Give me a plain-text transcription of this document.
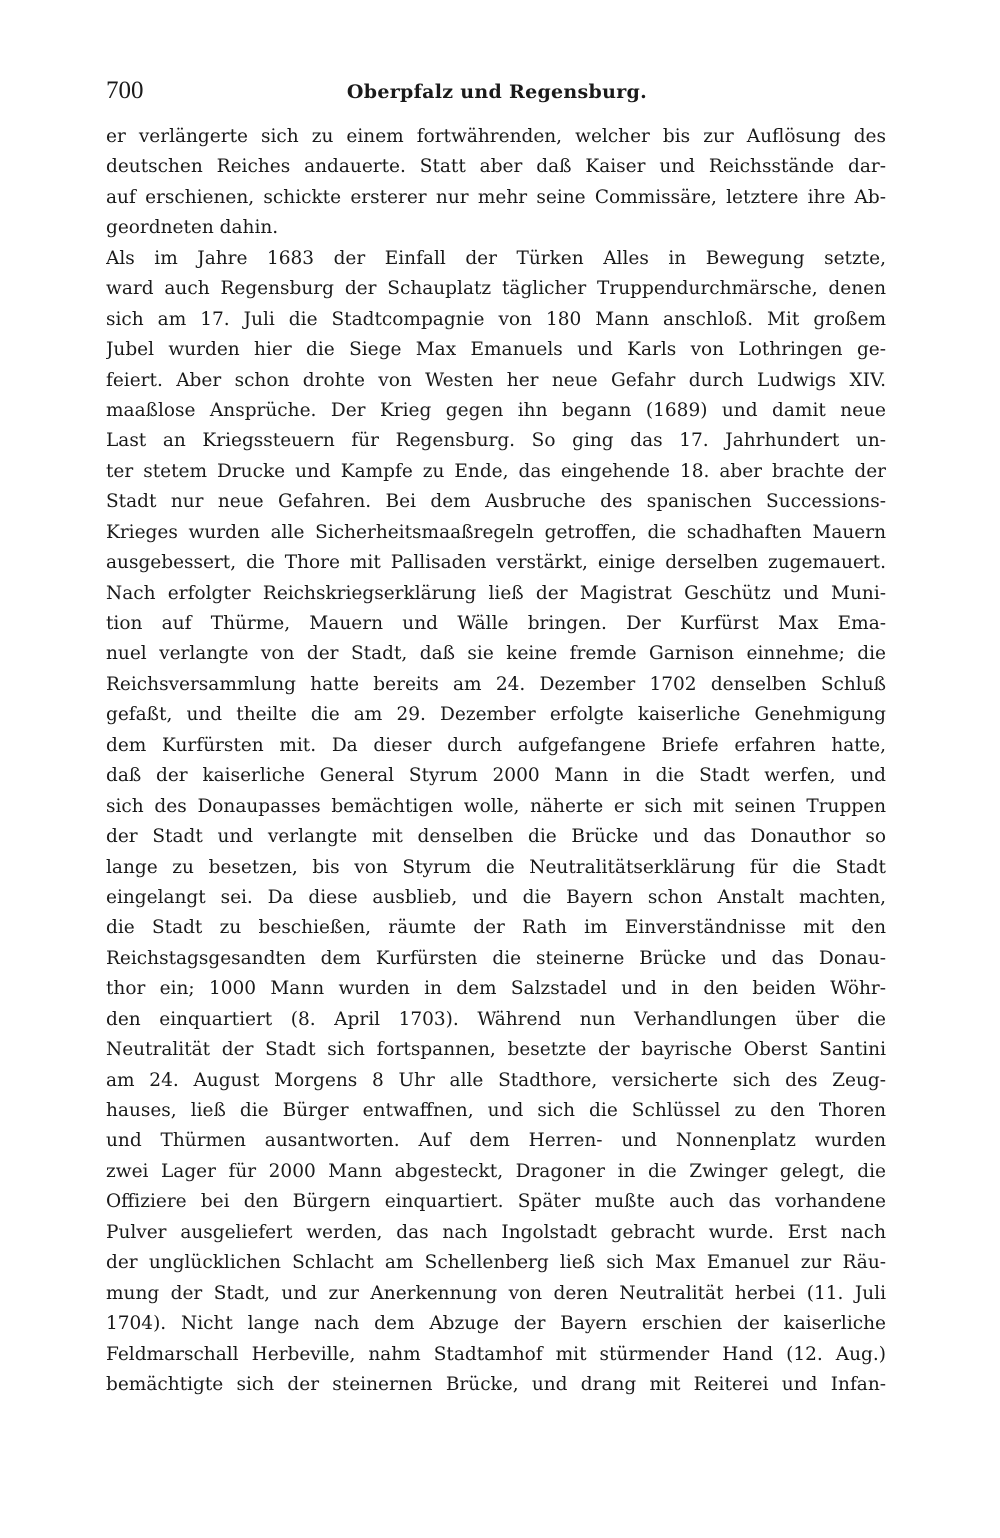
700	Oberpfalz und Regensburg.
er verlängerte sich zu einem fortwährenden, welcher bis zur Auflösung des
deutschen Reiches andauerte. Statt aber daß Kaiser und Reichsstände dar-
auf erschienen, schickte ersterer nur mehr seine Commissäre, letztere ihre Ab-
geordneten dahin.
Als im Jahre 1683 der Einfall der Türken Alles in Bewegung setzte,
ward auch Regensburg der Schauplatz täglicher Truppendurchmärsche, denen
sich am 17. Juli die Stadtcompagnie von 180 Mann anschloß. Mit großem
Jubel wurden hier die Siege Max Emanuels und Karls von Lothringen ge-
feiert. Aber schon drohte von Westen her neue Gefahr durch Ludwigs XIV.
maaßlose Ansprüche. Der Krieg gegen ihn begann (1689) und damit neue
Last an Kriegssteuern für Regensburg. So ging das 17. Jahrhundert un-
ter stetem Drucke und Kampfe zu Ende, das eingehende 18. aber brachte der
Stadt nur neue Gefahren. Bei dem Ausbruche des spanischen Successions-
Krieges wurden alle Sicherheitsmaaßregeln getroffen, die schadhaften Mauern
ausgebessert, die Thore mit Pallisaden verstärkt, einige derselben zugemauert.
Nach erfolgter Reichskriegserklärung ließ der Magistrat Geschütz und Muni-
tion auf Thürme, Mauern und Wälle bringen. Der Kurfürst Max Ema-
nuel verlangte von der Stadt, daß sie keine fremde Garnison einnehme; die
Reichsversammlung hatte bereits am 24. Dezember 1702 denselben Schluß
gefaßt, und theilte die am 29. Dezember erfolgte kaiserliche Genehmigung
dem Kurfürsten mit. Da dieser durch aufgefangene Briefe erfahren hatte,
daß der kaiserliche General Styrum 2000 Mann in die Stadt werfen, und
sich des Donaupasses bemächtigen wolle, näherte er sich mit seinen Truppen
der Stadt und verlangte mit denselben die Brücke und das Donauthor so
lange zu besetzen, bis von Styrum die Neutralitätserklärung für die Stadt
eingelangt sei. Da diese ausblieb, und die Bayern schon Anstalt machten,
die Stadt zu beschießen, räumte der Rath im Einverständnisse mit den
Reichstagsgesandten dem Kurfürsten die steinerne Brücke und das Donau-
thor ein; 1000 Mann wurden in dem Salzstadel und in den beiden Wöhr-
den einquartiert (8. April 1703). Während nun Verhandlungen über die
Neutralität der Stadt sich fortspannen, besetzte der bayrische Oberst Santini
am 24. August Morgens 8 Uhr alle Stadthore, versicherte sich des Zeug-
hauses, ließ die Bürger entwaffnen, und sich die Schlüssel zu den Thoren
und Thürmen ausantworten. Auf dem Herren- und Nonnenplatz wurden
zwei Lager für 2000 Mann abgesteckt, Dragoner in die Zwinger gelegt, die
Offiziere bei den Bürgern einquartiert. Später mußte auch das vorhandene
Pulver ausgeliefert werden, das nach Ingolstadt gebracht wurde. Erst nach
der unglücklichen Schlacht am Schellenberg ließ sich Max Emanuel zur Räu-
mung der Stadt, und zur Anerkennung von deren Neutralität herbei (11. Juli
1704). Nicht lange nach dem Abzuge der Bayern erschien der kaiserliche
Feldmarschall Herbeville, nahm Stadtamhof mit stürmender Hand (12. Aug.)
bemächtigte sich der steinernen Brücke, und drang mit Reiterei und Infan-
